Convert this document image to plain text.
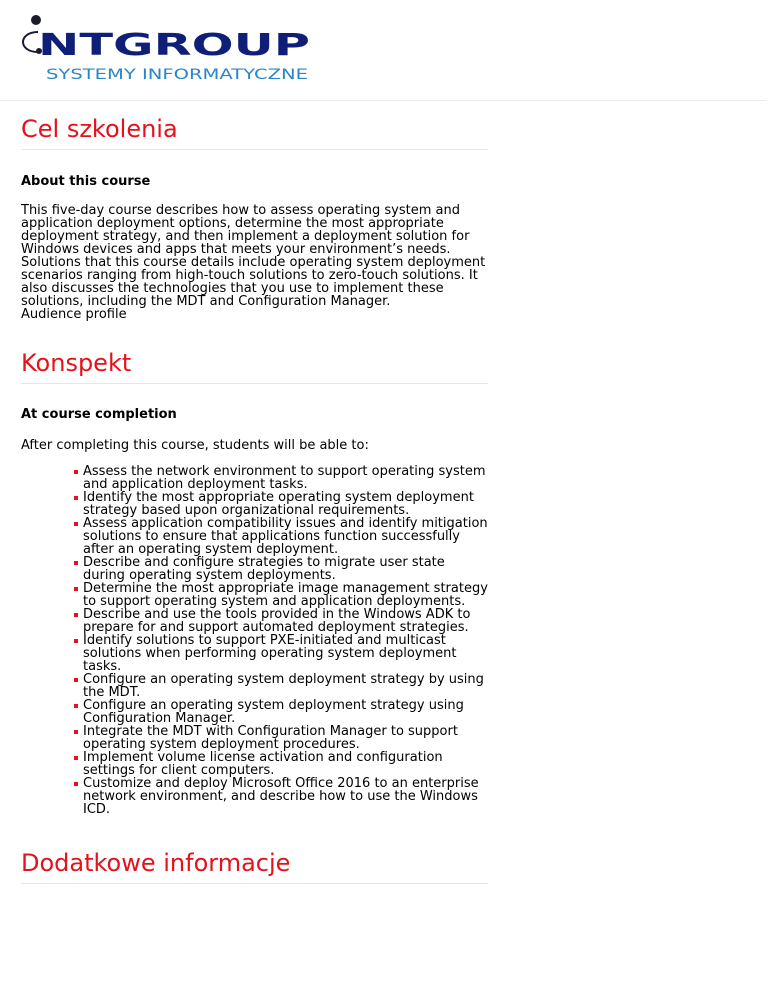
NTGROUP
SYSTEMY INFORMATYCZNE
Cel szkolenia

About this course

This five-day course describes how to assess operating system and application deployment options, determine the most appropriate deployment strategy, and then implement a deployment solution for Windows devices and apps that meets your environment’s needs. Solutions that this course details include operating system deployment scenarios ranging from high-touch solutions to zero-touch solutions. It also discusses the technologies that you use to implement these solutions, including the MDT and Configuration Manager.

Audience profile

Konspekt

At course completion

After completing this course, students will be able to:

Assess the network environment to support operating system and application deployment tasks.
Identify the most appropriate operating system deployment strategy based upon organizational requirements.
Assess application compatibility issues and identify mitigation solutions to ensure that applications function successfully after an operating system deployment.
Describe and configure strategies to migrate user state during operating system deployments.
Determine the most appropriate image management strategy to support operating system and application deployments.
Describe and use the tools provided in the Windows ADK to prepare for and support automated deployment strategies.
Identify solutions to support PXE-initiated and multicast solutions when performing operating system deployment tasks.
Configure an operating system deployment strategy by using the MDT.
Configure an operating system deployment strategy using Configuration Manager.
Integrate the MDT with Configuration Manager to support operating system deployment procedures.
Implement volume license activation and configuration settings for client computers.
Customize and deploy Microsoft Office 2016 to an enterprise network environment, and describe how to use the Windows ICD.
Dodatkowe informacje
